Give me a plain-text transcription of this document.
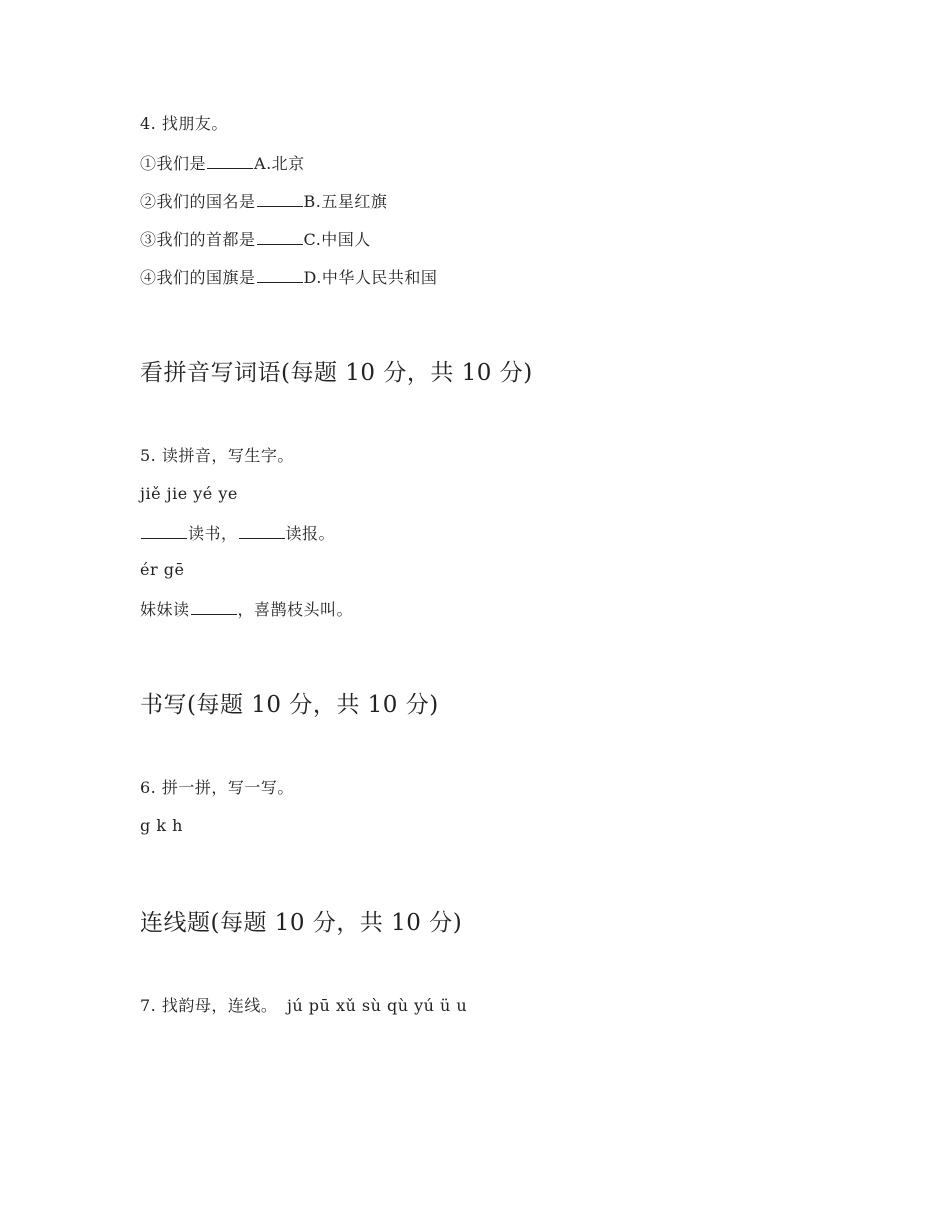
4. 找朋友。
①我们是	A.北京
②我们的国名是	B.五星红旗
③我们的首都是	C.中国人
④我们的国旗是	D.中华人民共和国
看拼音写词语(每题 10 分，共 10 分)
5. 读拼音，写生字。
jiě jie yé ye
读书，	读报。
ér gē
妹妹读	，喜鹊枝头叫。
书写(每题 10 分，共 10 分)
6. 拼一拼，写一写。
g k h
连线题(每题 10 分，共 10 分)
7. 找韵母，连线。 jú pū xǔ sù qù yú ü u
